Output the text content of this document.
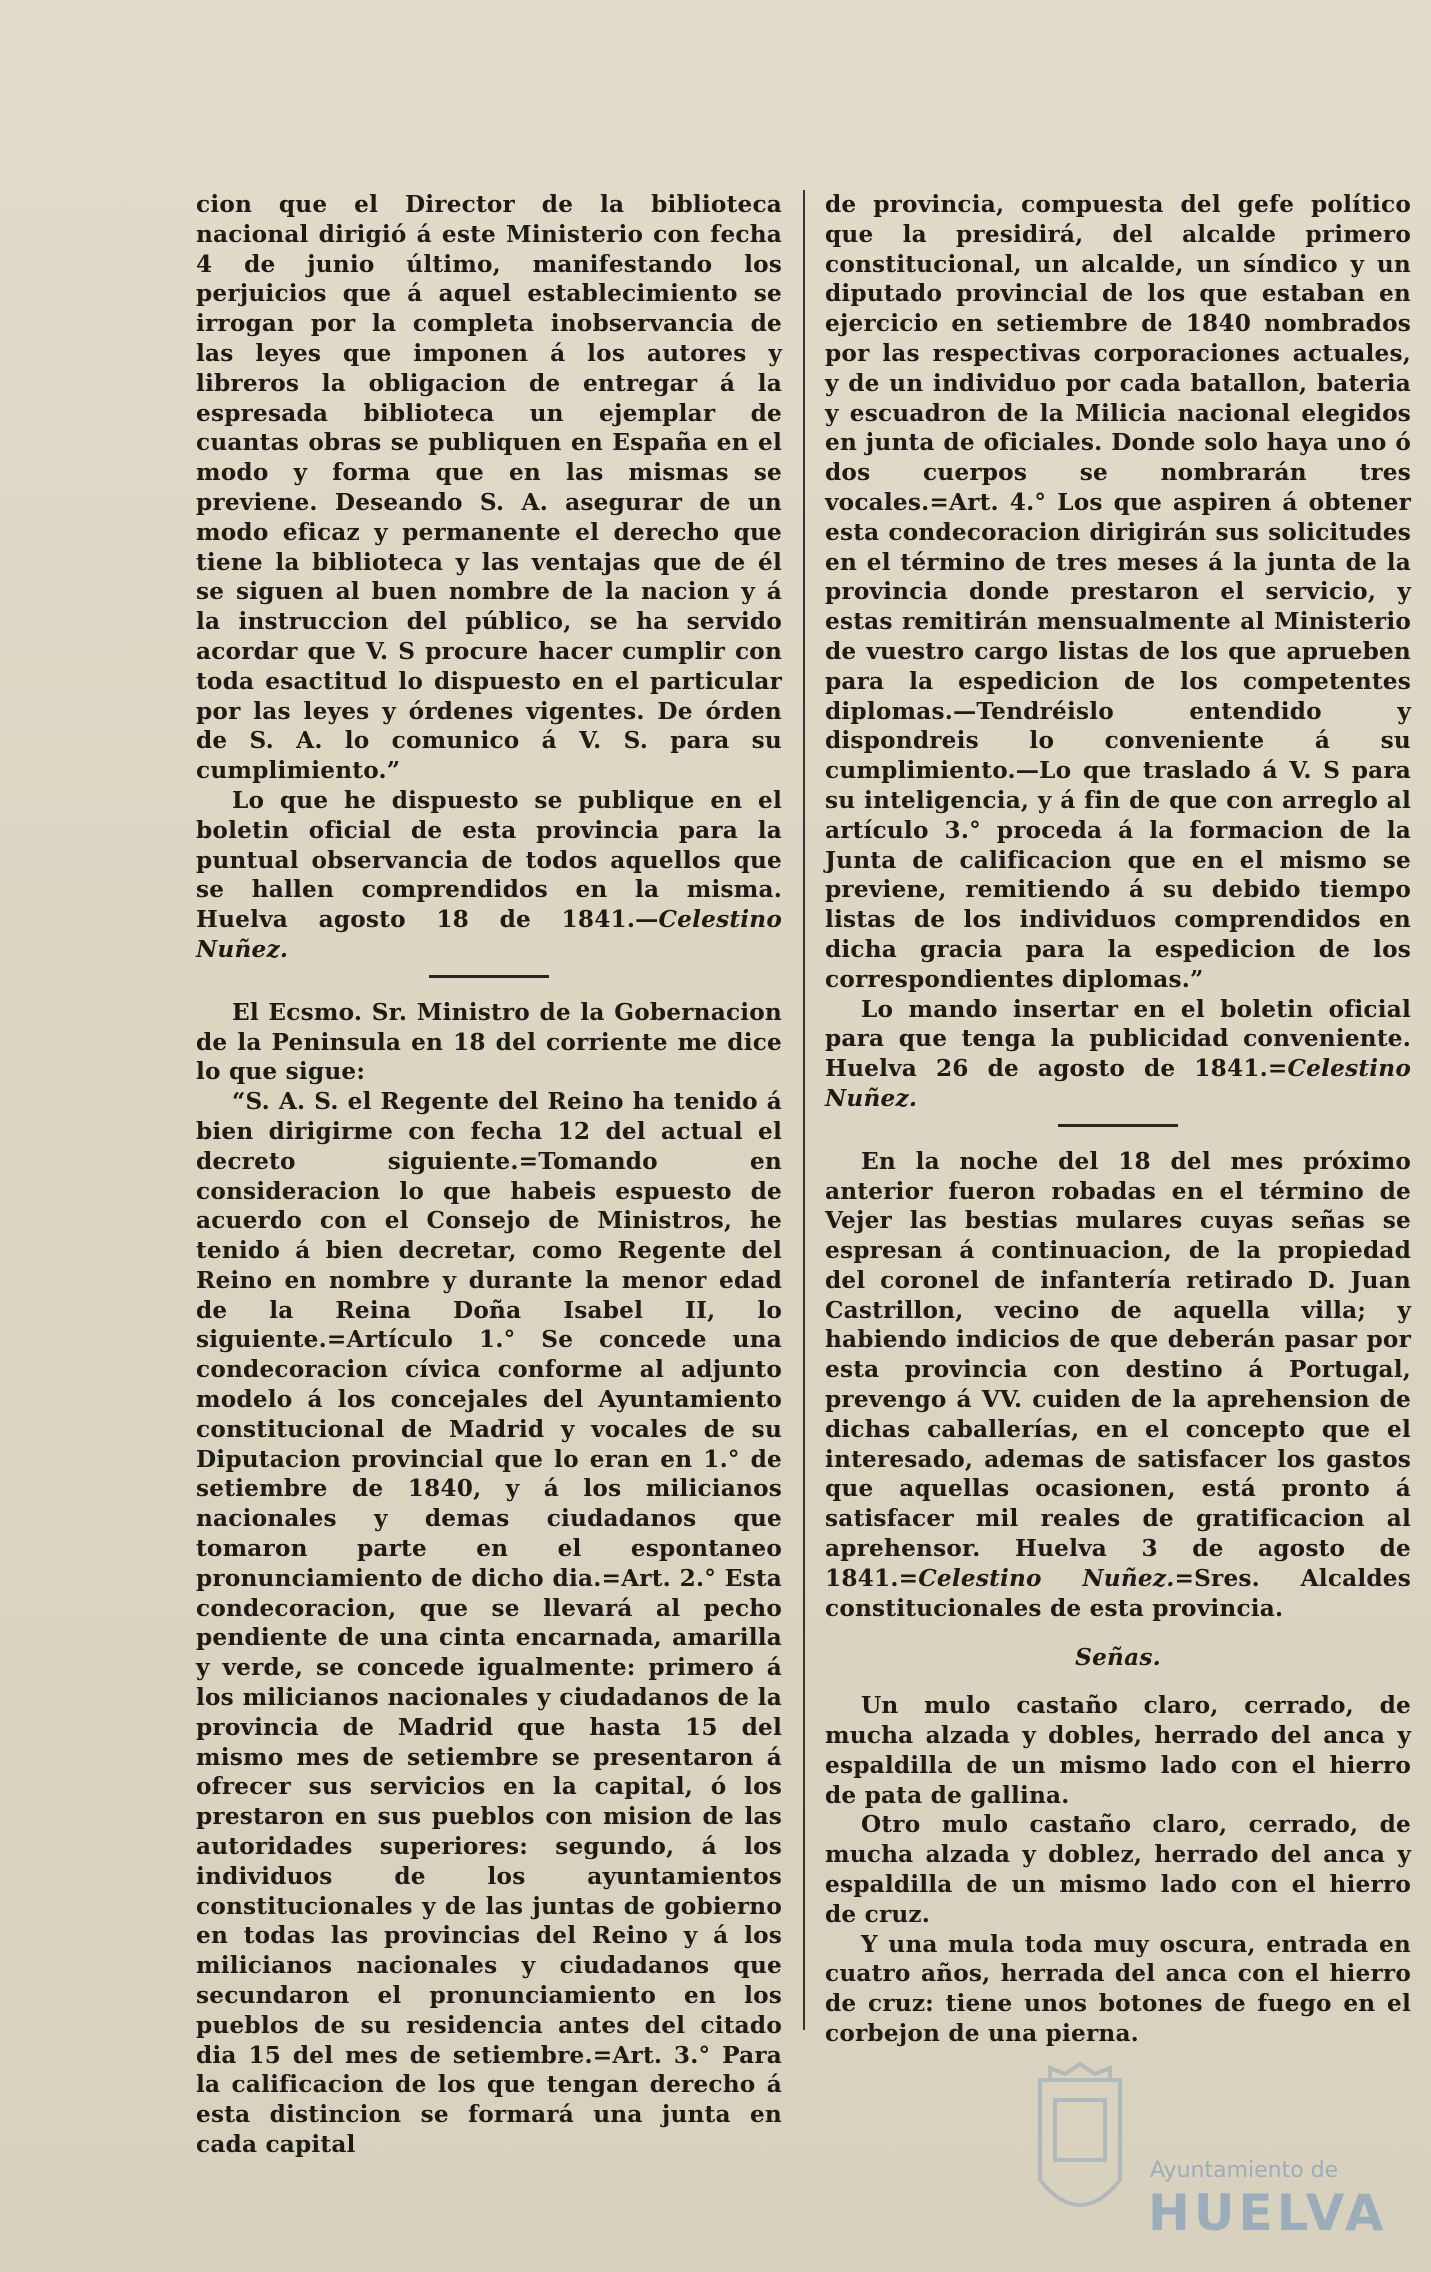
cion que el Director de la biblioteca nacional dirigió á este Ministerio con fecha 4 de junio último, manifestando los perjuicios que á aquel establecimiento se irrogan por la completa inobservancia de las leyes que imponen á los autores y libreros la obligacion de entregar á la espresada biblioteca un ejemplar de cuantas obras se publiquen en España en el modo y forma que en las mismas se previene. Deseando S. A. asegurar de un modo eficaz y permanente el derecho que tiene la biblioteca y las ventajas que de él se siguen al buen nombre de la nacion y á la instruccion del público, se ha servido acordar que V. S procure hacer cumplir con toda esactitud lo dispuesto en el particular por las leyes y órdenes vigentes. De órden de S. A. lo comunico á V. S. para su cumplimiento.”

Lo que he dispuesto se publique en el boletin oficial de esta provincia para la puntual observancia de todos aquellos que se hallen comprendidos en la misma. Huelva agosto 18 de 1841.—Celestino Nuñez.

El Ecsmo. Sr. Ministro de la Gobernacion de la Peninsula en 18 del corriente me dice lo que sigue:

“S. A. S. el Regente del Reino ha tenido á bien dirigirme con fecha 12 del actual el decreto siguiente.=Tomando en consideracion lo que habeis espuesto de acuerdo con el Consejo de Ministros, he tenido á bien decretar, como Regente del Reino en nombre y durante la menor edad de la Reina Doña Isabel II, lo siguiente.=Artículo 1.° Se concede una condecoracion cívica conforme al adjunto modelo á los concejales del Ayuntamiento constitucional de Madrid y vocales de su Diputacion provincial que lo eran en 1.° de setiembre de 1840, y á los milicianos nacionales y demas ciudadanos que tomaron parte en el espontaneo pronunciamiento de dicho dia.=Art. 2.° Esta condecoracion, que se llevará al pecho pendiente de una cinta encarnada, amarilla y verde, se concede igualmente: primero á los milicianos nacionales y ciudadanos de la provincia de Madrid que hasta 15 del mismo mes de setiembre se presentaron á ofrecer sus servicios en la capital, ó los prestaron en sus pueblos con mision de las autoridades superiores: segundo, á los individuos de los ayuntamientos constitucionales y de las juntas de gobierno en todas las provincias del Reino y á los milicianos nacionales y ciudadanos que secundaron el pronunciamiento en los pueblos de su residencia antes del citado dia 15 del mes de setiembre.=Art. 3.° Para la calificacion de los que tengan derecho á esta distincion se formará una junta en cada capital

de provincia, compuesta del gefe político que la presidirá, del alcalde primero constitucional, un alcalde, un síndico y un diputado provincial de los que estaban en ejercicio en setiembre de 1840 nombrados por las respectivas corporaciones actuales, y de un individuo por cada batallon, bateria y escuadron de la Milicia nacional elegidos en junta de oficiales. Donde solo haya uno ó dos cuerpos se nombrarán tres vocales.=Art. 4.° Los que aspiren á obtener esta condecoracion dirigirán sus solicitudes en el término de tres meses á la junta de la provincia donde prestaron el servicio, y estas remitirán mensualmente al Ministerio de vuestro cargo listas de los que aprueben para la espedicion de los competentes diplomas.—Tendréislo entendido y dispondreis lo conveniente á su cumplimiento.—Lo que traslado á V. S para su inteligencia, y á fin de que con arreglo al artículo 3.° proceda á la formacion de la Junta de calificacion que en el mismo se previene, remitiendo á su debido tiempo listas de los individuos comprendidos en dicha gracia para la espedicion de los correspondientes diplomas.”

Lo mando insertar en el boletin oficial para que tenga la publicidad conveniente. Huelva 26 de agosto de 1841.=Celestino Nuñez.

En la noche del 18 del mes próximo anterior fueron robadas en el término de Vejer las bestias mulares cuyas señas se espresan á continuacion, de la propiedad del coronel de infantería retirado D. Juan Castrillon, vecino de aquella villa; y habiendo indicios de que deberán pasar por esta provincia con destino á Portugal, prevengo á VV. cuiden de la aprehension de dichas caballerías, en el concepto que el interesado, ademas de satisfacer los gastos que aquellas ocasionen, está pronto á satisfacer mil reales de gratificacion al aprehensor. Huelva 3 de agosto de 1841.=Celestino Nuñez.=Sres. Alcaldes constitucionales de esta provincia.

Señas.

Un mulo castaño claro, cerrado, de mucha alzada y dobles, herrado del anca y espaldilla de un mismo lado con el hierro de pata de gallina.

Otro mulo castaño claro, cerrado, de mucha alzada y doblez, herrado del anca y espaldilla de un mismo lado con el hierro de cruz.

Y una mula toda muy oscura, entrada en cuatro años, herrada del anca con el hierro de cruz: tiene unos botones de fuego en el corbejon de una pierna.

Ayuntamiento de
HUELVA
